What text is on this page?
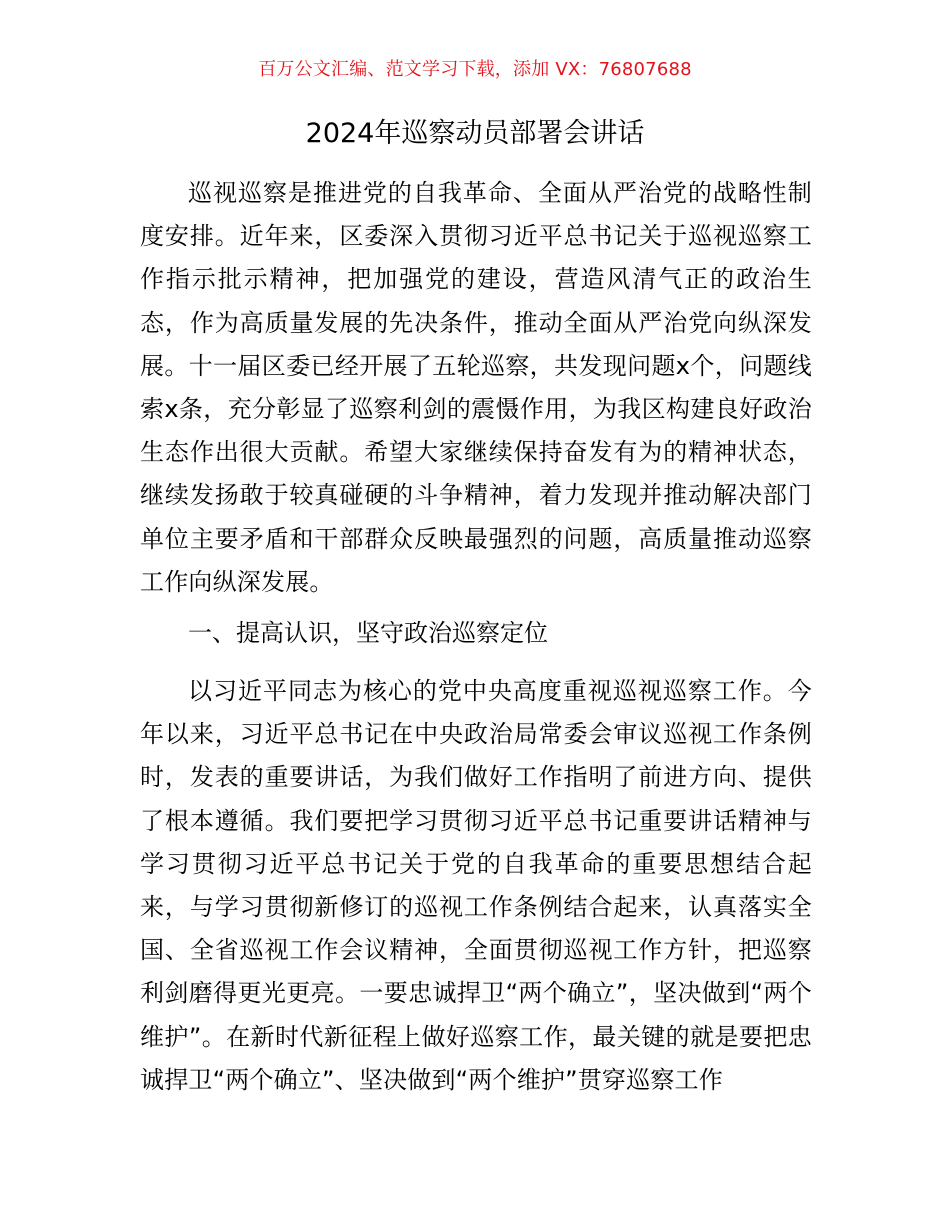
百万公文汇编、范文学习下载，添加 VX：76807688
2024年巡察动员部署会讲话

巡视巡察是推进党的自我革命、全面从严治党的战略性制度安排。近年来，区委深入贯彻习近平总书记关于巡视巡察工作指示批示精神，把加强党的建设，营造风清气正的政治生态，作为高质量发展的先决条件，推动全面从严治党向纵深发展。十一届区委已经开展了五轮巡察，共发现问题x个，问题线索x条，充分彰显了巡察利剑的震慑作用，为我区构建良好政治生态作出很大贡献。希望大家继续保持奋发有为的精神状态，继续发扬敢于较真碰硬的斗争精神，着力发现并推动解决部门单位主要矛盾和干部群众反映最强烈的问题，高质量推动巡察工作向纵深发展。

一、提高认识，坚守政治巡察定位

以习近平同志为核心的党中央高度重视巡视巡察工作。今年以来，习近平总书记在中央政治局常委会审议巡视工作条例时，发表的重要讲话，为我们做好工作指明了前进方向、提供了根本遵循。我们要把学习贯彻习近平总书记重要讲话精神与学习贯彻习近平总书记关于党的自我革命的重要思想结合起来，与学习贯彻新修订的巡视工作条例结合起来，认真落实全国、全省巡视工作会议精神，全面贯彻巡视工作方针，把巡察利剑磨得更光更亮。一要忠诚捍卫“两个确立”，坚决做到“两个维护”。在新时代新征程上做好巡察工作，最关键的就是要把忠诚捍卫“两个确立”、坚决做到“两个维护”贯穿巡察工作
